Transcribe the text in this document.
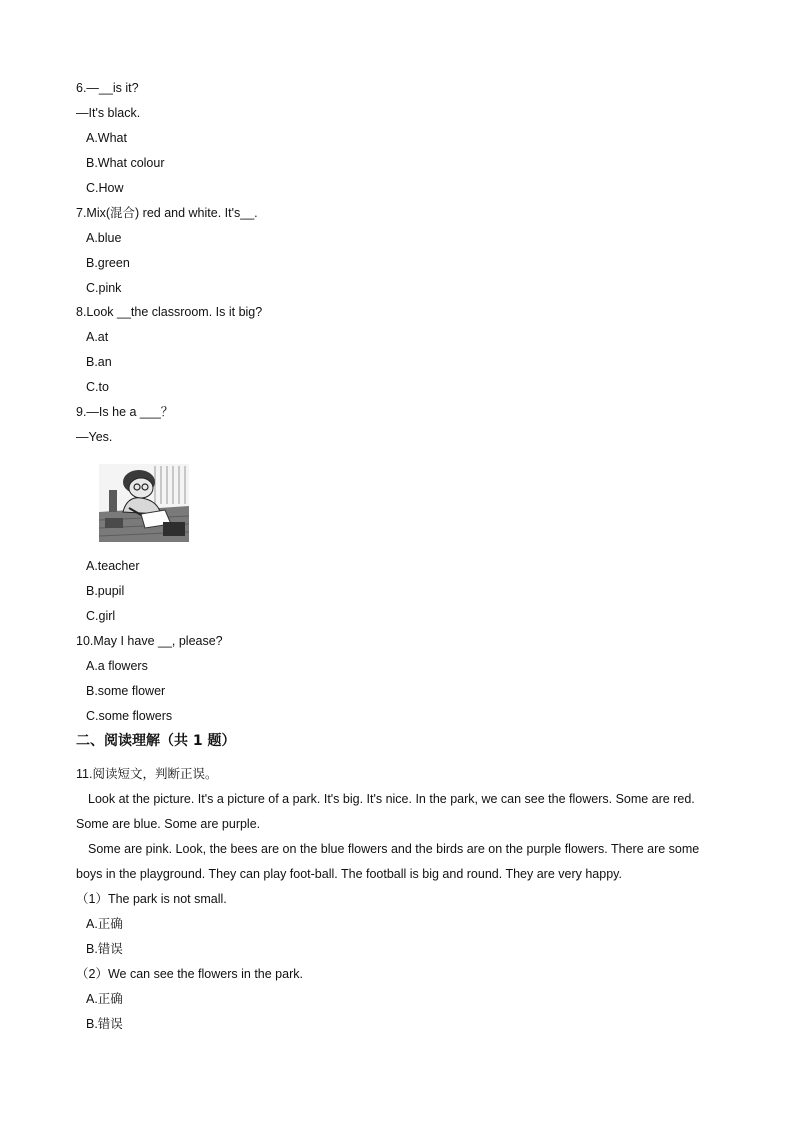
6.—__is it?
—It's black.
A.What
B.What colour
C.How
7.Mix(混合) red and white. It's__.
A.blue
B.green
C.pink
8.Look __the classroom. Is it big?
A.at
B.an
C.to
9.—Is he a ___？
—Yes.
A.teacher
B.pupil
C.girl
10.May I have __, please?
A.a flowers
B.some flower
C.some flowers
二、阅读理解（共 1 题）
11.阅读短文，判断正误。
Look at the picture. It's a picture of a park. It's big. It's nice. In the park, we can see the flowers. Some are red. Some are blue. Some are purple.
Some are pink. Look, the bees are on the blue flowers and the birds are on the purple flowers. There are some boys in the playground. They can play foot-ball. The football is big and round. They are very happy.
（1）The park is not small.
A.正确
B.错误
（2）We can see the flowers in the park.
A.正确
B.错误
